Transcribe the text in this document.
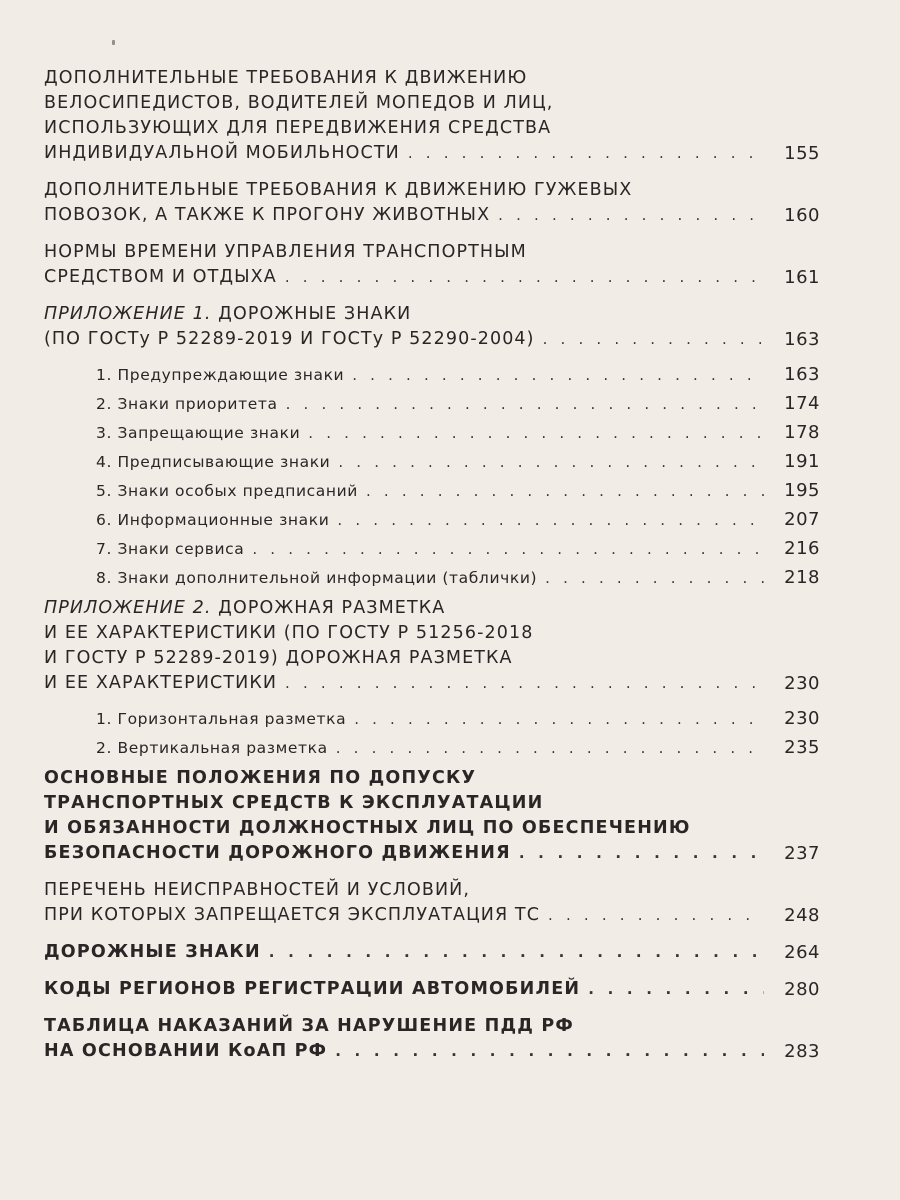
ДОПОЛНИТЕЛЬНЫЕ ТРЕБОВАНИЯ К ДВИЖЕНИЮ
ВЕЛОСИПЕДИСТОВ, ВОДИТЕЛЕЙ МОПЕДОВ И ЛИЦ,
ИСПОЛЬЗУЮЩИХ ДЛЯ ПЕРЕДВИЖЕНИЯ СРЕДСТВА
ИНДИВИДУАЛЬНОЙ МОБИЛЬНОСТИ . . .	155
ДОПОЛНИТЕЛЬНЫЕ ТРЕБОВАНИЯ К ДВИЖЕНИЮ ГУЖЕВЫХ
ПОВОЗОК, А ТАКЖЕ К ПРОГОНУ ЖИВОТНЫХ . . .	160
НОРМЫ ВРЕМЕНИ УПРАВЛЕНИЯ ТРАНСПОРТНЫМ
СРЕДСТВОМ И ОТДЫХА . . .	161
ПРИЛОЖЕНИЕ 1. ДОРОЖНЫЕ ЗНАКИ
(ПО ГОСТу Р 52289-2019 И ГОСТу Р 52290-2004) . . .	163
1. Предупреждающие знаки . . .	163
2. Знаки приоритета . . .	174
3. Запрещающие знаки . . .	178
4. Предписывающие знаки . . .	191
5. Знаки особых предписаний . . .	195
6. Информационные знаки . . .	207
7. Знаки сервиса . . .	216
8. Знаки дополнительной информации (таблички) . . .	218
ПРИЛОЖЕНИЕ 2. ДОРОЖНАЯ РАЗМЕТКА
И ЕЕ ХАРАКТЕРИСТИКИ (ПО ГОСТУ Р 51256-2018
И ГОСТУ Р 52289-2019) ДОРОЖНАЯ РАЗМЕТКА
И ЕЕ ХАРАКТЕРИСТИКИ . . .	230
1. Горизонтальная разметка . . .	230
2. Вертикальная разметка . . .	235
ОСНОВНЫЕ ПОЛОЖЕНИЯ ПО ДОПУСКУ
ТРАНСПОРТНЫХ СРЕДСТВ К ЭКСПЛУАТАЦИИ
И ОБЯЗАННОСТИ ДОЛЖНОСТНЫХ ЛИЦ ПО ОБЕСПЕЧЕНИЮ
БЕЗОПАСНОСТИ ДОРОЖНОГО ДВИЖЕНИЯ . . .	237
ПЕРЕЧЕНЬ НЕИСПРАВНОСТЕЙ И УСЛОВИЙ,
ПРИ КОТОРЫХ ЗАПРЕЩАЕТСЯ ЭКСПЛУАТАЦИЯ ТС . . .	248
ДОРОЖНЫЕ ЗНАКИ . . .	264
КОДЫ РЕГИОНОВ РЕГИСТРАЦИИ АВТОМОБИЛЕЙ . . .	280
ТАБЛИЦА НАКАЗАНИЙ ЗА НАРУШЕНИЕ ПДД РФ
НА ОСНОВАНИИ КоАП РФ . . .	283
